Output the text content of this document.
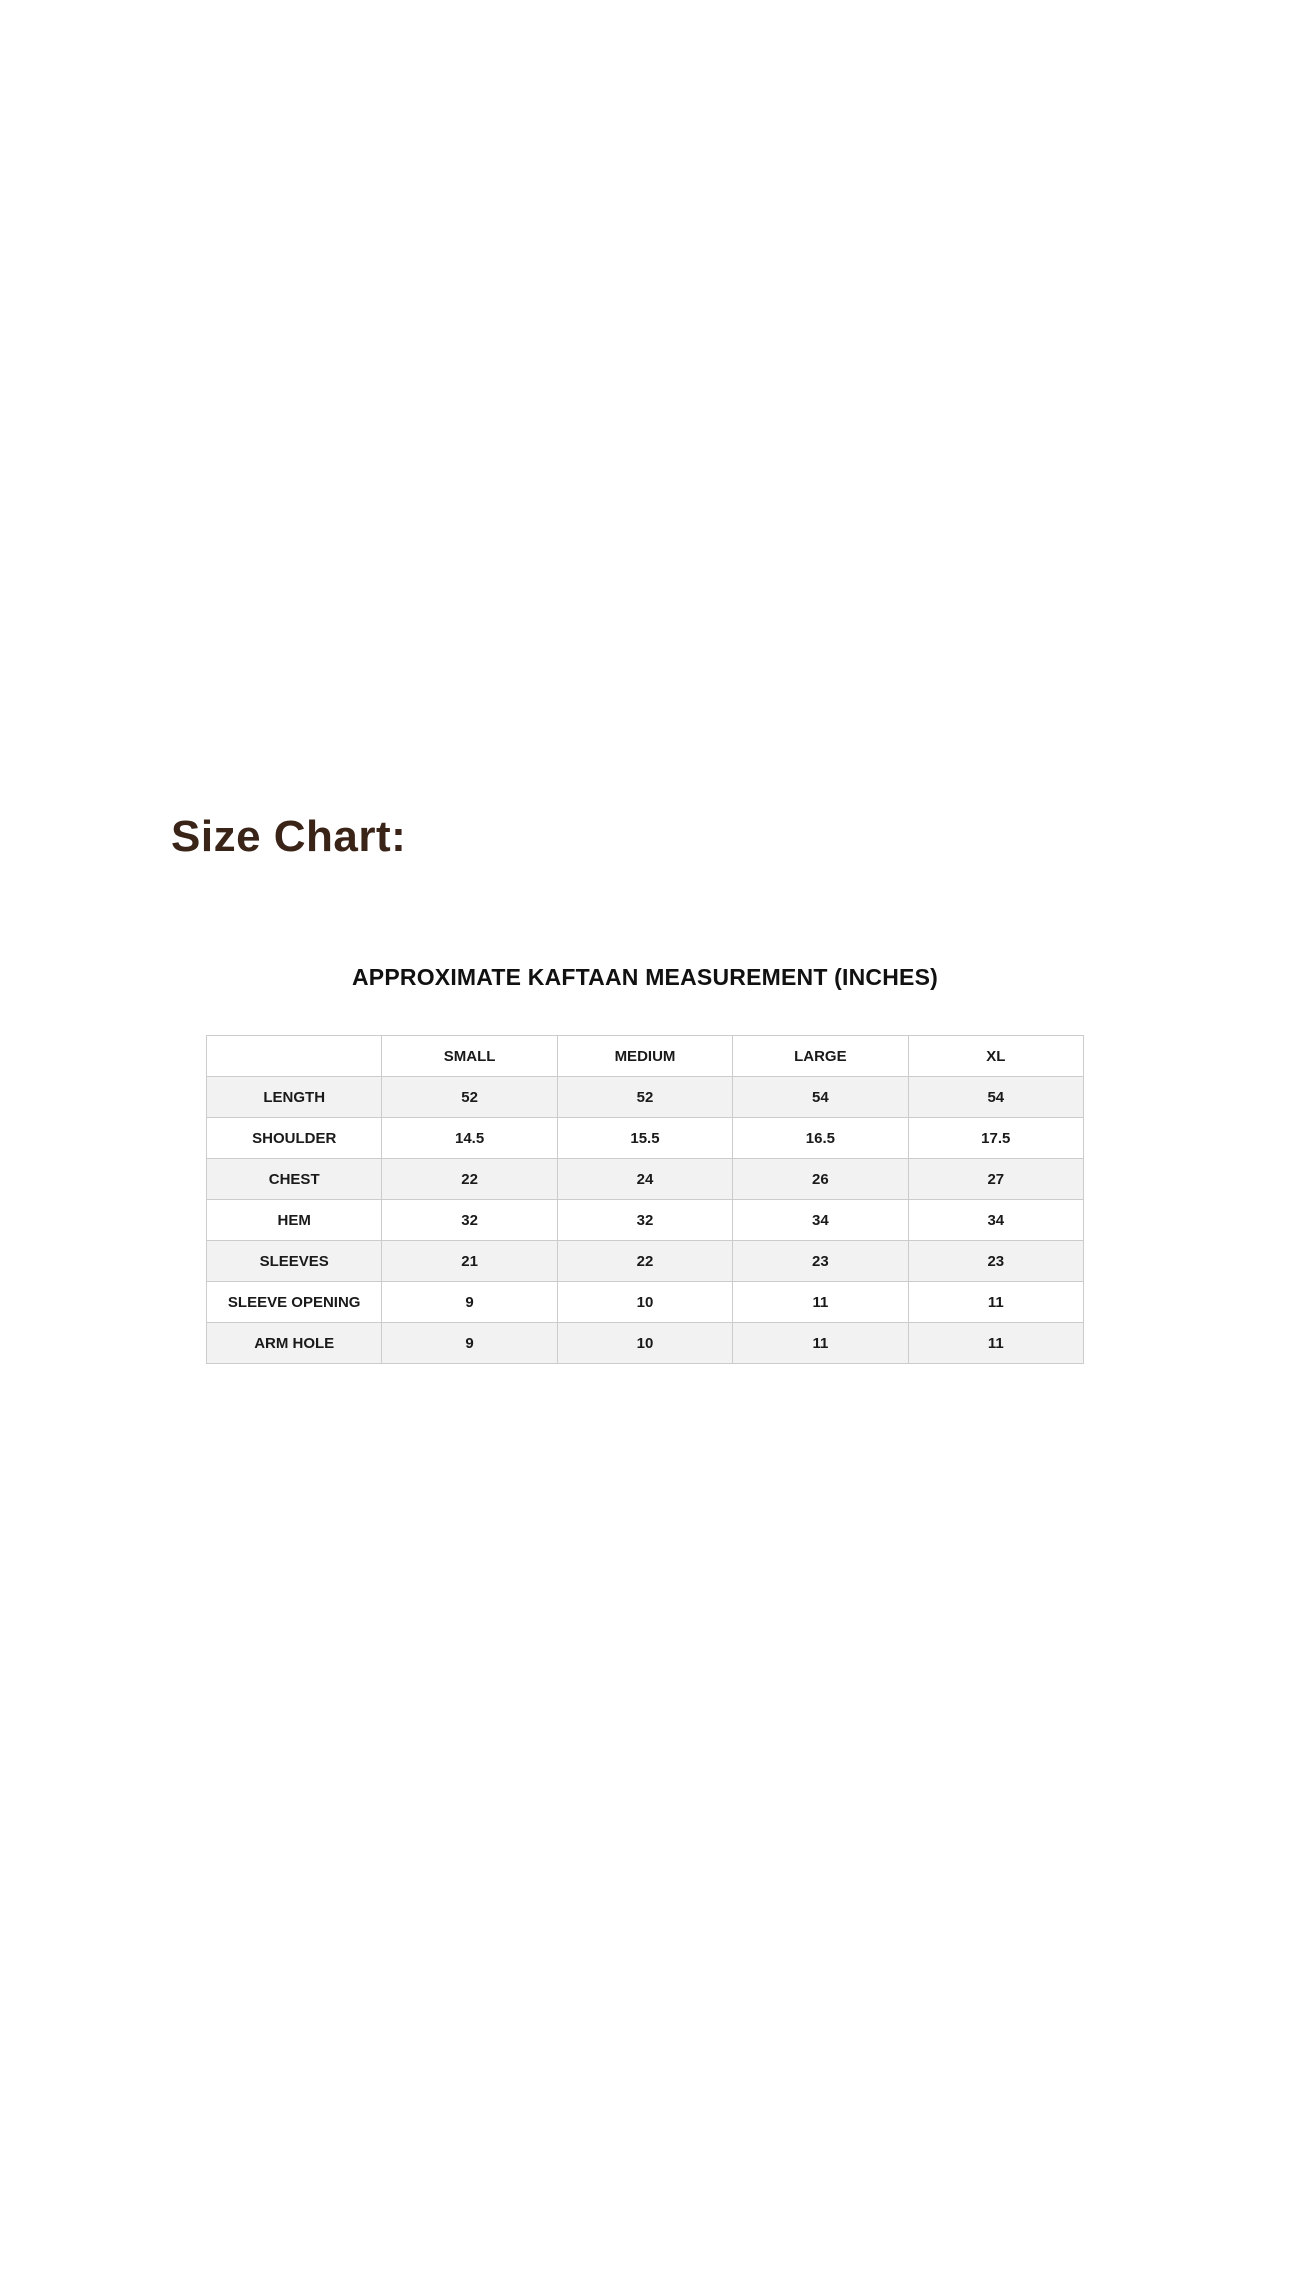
Size Chart:

APPROXIMATE KAFTAAN MEASUREMENT (INCHES)

	SMALL	MEDIUM	LARGE	XL
LENGTH	52	52	54	54
SHOULDER	14.5	15.5	16.5	17.5
CHEST	22	24	26	27
HEM	32	32	34	34
SLEEVES	21	22	23	23
SLEEVE OPENING	9	10	11	11
ARM HOLE	9	10	11	11
